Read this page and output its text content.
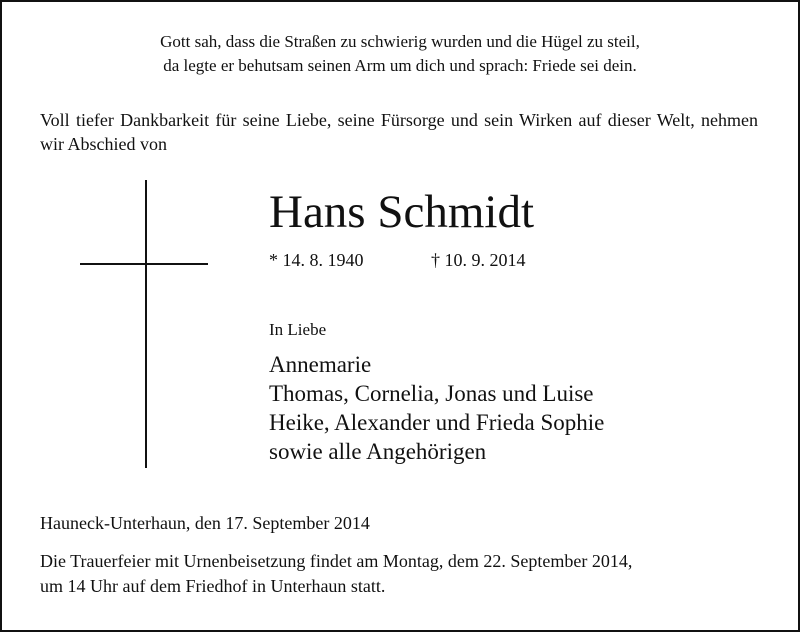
Gott sah, dass die Straßen zu schwierig wurden und die Hügel zu steil,
da legte er behutsam seinen Arm um dich und sprach: Friede sei dein.
Voll tiefer Dankbarkeit für seine Liebe, seine Fürsorge und sein Wirken auf dieser Welt, nehmen wir Abschied von
Hans Schmidt
* 14. 8. 1940	† 10. 9. 2014
In Liebe
Annemarie
Thomas, Cornelia, Jonas und Luise
Heike, Alexander und Frieda Sophie
sowie alle Angehörigen
Hauneck-Unterhaun, den 17. September 2014
Die Trauerfeier mit Urnenbeisetzung findet am Montag, dem 22. September 2014,
um 14 Uhr auf dem Friedhof in Unterhaun statt.
